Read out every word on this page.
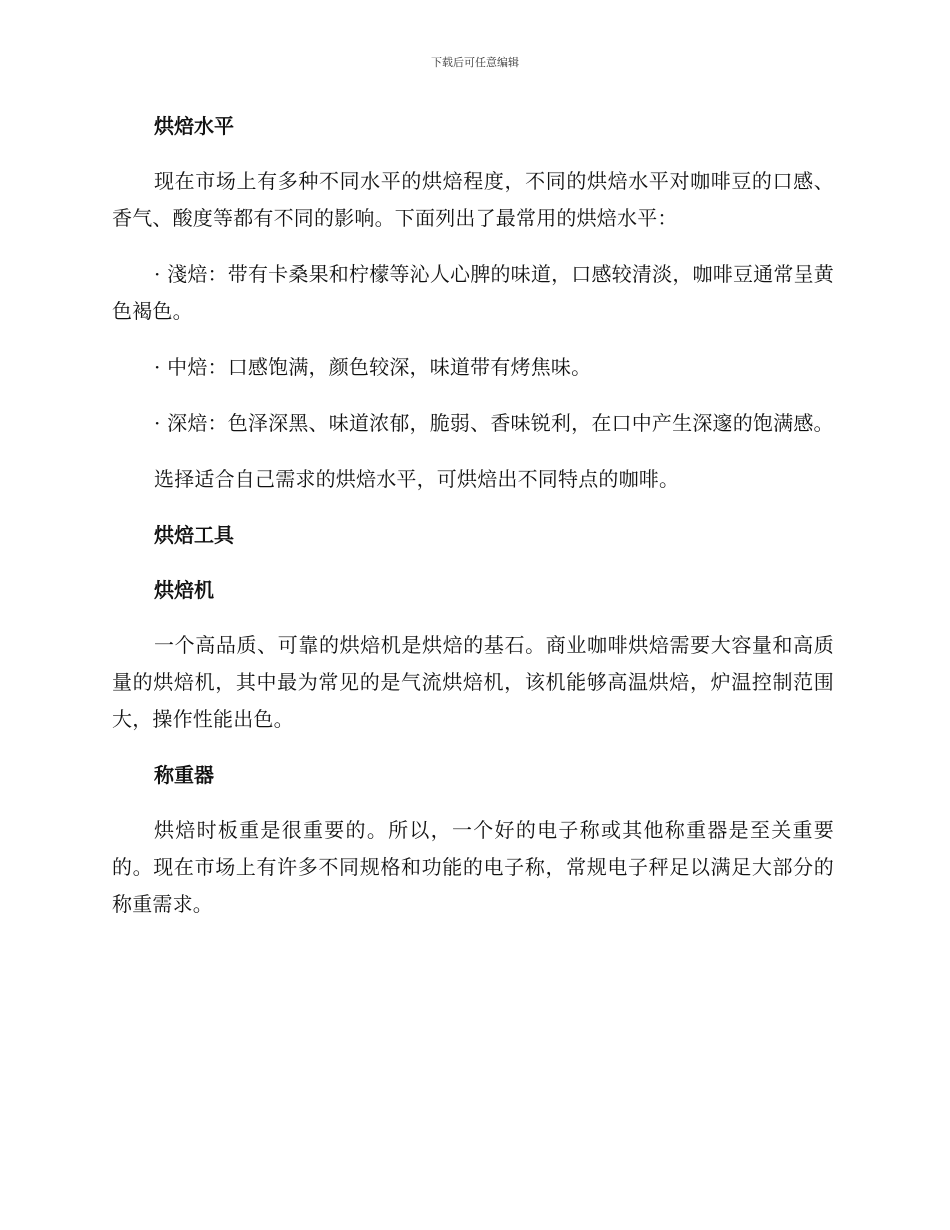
下载后可任意编辑
烘焙水平

现在市场上有多种不同水平的烘焙程度，不同的烘焙水平对咖啡豆的口感、香气、酸度等都有不同的影响。下面列出了最常用的烘焙水平：

· 淺焙：带有卡桑果和柠檬等沁人心脾的味道，口感较清淡，咖啡豆通常呈黄色褐色。

· 中焙：口感饱满，颜色较深，味道带有烤焦味。

· 深焙：色泽深黑、味道浓郁，脆弱、香味锐利，在口中产生深邃的饱满感。

选择适合自己需求的烘焙水平，可烘焙出不同特点的咖啡。

烘焙工具
烘焙机

一个高品质、可靠的烘焙机是烘焙的基石。商业咖啡烘焙需要大容量和高质量的烘焙机，其中最为常见的是气流烘焙机，该机能够高温烘焙，炉温控制范围大，操作性能出色。

称重器

烘焙时板重是很重要的。所以，一个好的电子称或其他称重器是至关重要的。现在市场上有许多不同规格和功能的电子称，常规电子秤足以满足大部分的称重需求。
